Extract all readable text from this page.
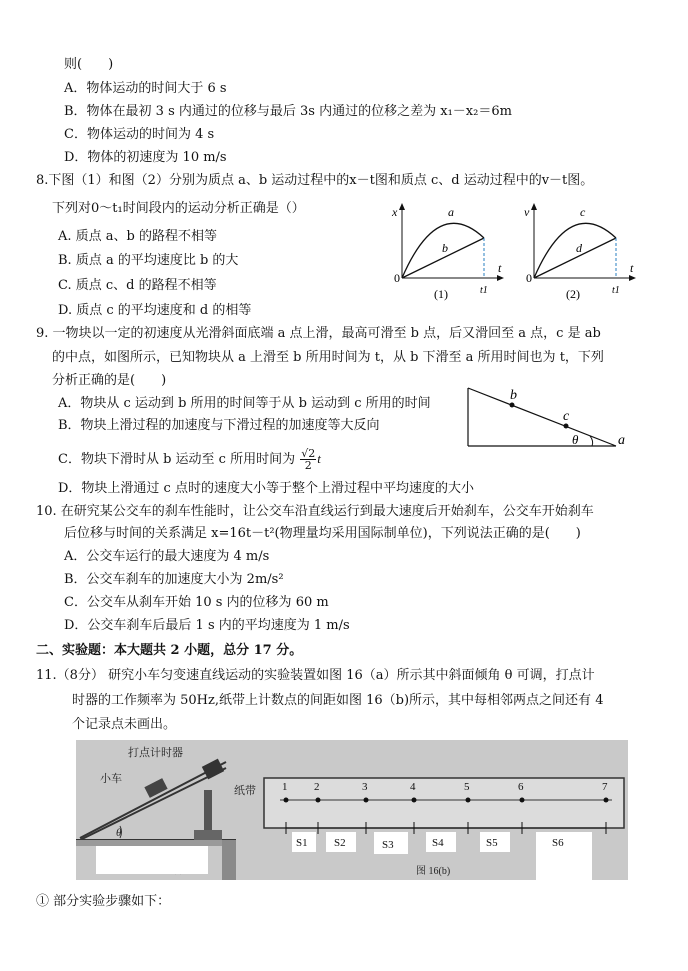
则(　　)
A．物体运动的时间大于 6 s
B．物体在最初 3 s 内通过的位移与最后 3s 内通过的位移之差为 x₁－x₂＝6m
C．物体运动的时间为 4 s
D．物体的初速度为 10 m/s
8.下图（1）和图（2）分别为质点 a、b 运动过程中的x－t图和质点 c、d 运动过程中的v－t图。
下列对0～t₁时间段内的运动分析正确是（）
A. 质点 a、b 的路程不相等
B. 质点 a 的平均速度比 b 的大
C. 质点 c、d 的路程不相等
D. 质点 c 的平均速度和 d 的相等
x
t
a
b
0
t1
(1)
v
t
c
d
0
t1
(2)
9. 一物块以一定的初速度从光滑斜面底端 a 点上滑，最高可滑至 b 点，后又滑回至 a 点，c 是 ab
的中点，如图所示，已知物块从 a 上滑至 b 所用时间为 t，从 b 下滑至 a 所用时间也为 t，下列
分析正确的是(　　)
A．物块从 c 运动到 b 所用的时间等于从 b 运动到 c 所用的时间
B．物块上滑过程的加速度与下滑过程的加速度等大反向
C．物块下滑时从 b 运动至 c 所用时间为 $\frac{√2}{2}$ t
D．物块上滑通过 c 点时的速度大小等于整个上滑过程中平均速度的大小
b
c
a
θ
10. 在研究某公交车的刹车性能时，让公交车沿直线运行到最大速度后开始刹车，公交车开始刹车
后位移与时间的关系满足 x=16t－t²(物理量均采用国际制单位)，下列说法正确的是(　　)
A．公交车运行的最大速度为 4 m/s
B．公交车刹车的加速度大小为 2m/s²
C．公交车从刹车开始 10 s 内的位移为 60 m
D．公交车刹车后最后 1 s 内的平均速度为 1 m/s
二、实验题：本大题共 2 小题，总分 17 分。
11.（8分） 研究小车匀变速直线运动的实验装置如图 16（a）所示其中斜面倾角 θ 可调，打点计
时器的工作频率为 50Hz,纸带上计数点的间距如图 16（b)所示，其中每相邻两点之间还有 4
个记录点未画出。
打点计时器
小车
纸带
θ
1 2	3	4	5	6	7
S1 S2	S3	S4	S5	S6
图 16(b)
① 部分实验步骤如下：
